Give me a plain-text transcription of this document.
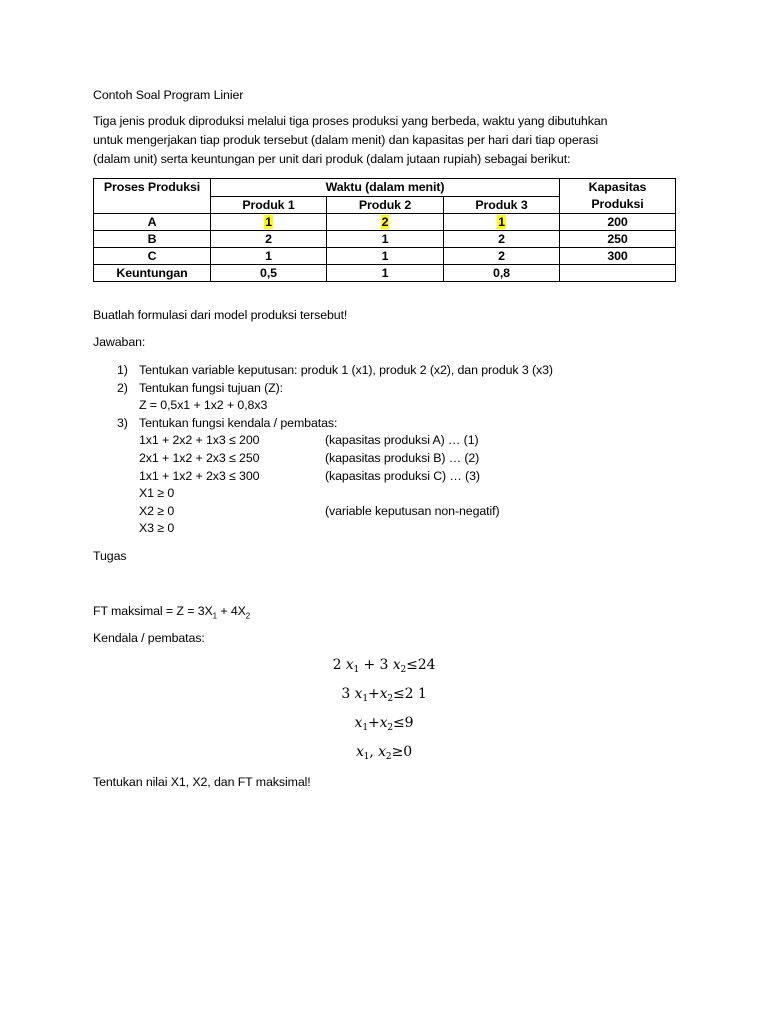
Contoh Soal Program Linier
Tiga jenis produk diproduksi melalui tiga proses produksi yang berbeda, waktu yang dibutuhkan
untuk mengerjakan tiap produk tersebut (dalam menit) dan kapasitas per hari dari tiap operasi
(dalam unit) serta keuntungan per unit dari produk (dalam jutaan rupiah) sebagai berikut:
Proses Produksi	Waktu (dalam menit)			Kapasitas
Produksi

	Produk 1	Produk 2	Produk 3	
A	1	2	1	200
B	2	1	2	250
C	1	1	2	300
Keuntungan	0,5	1	0,8	
Buatlah formulasi dari model produksi tersebut!
Jawaban:
1) Tentukan variable keputusan: produk 1 (x1), produk 2 (x2), dan produk 3 (x3)
2) Tentukan fungsi tujuan (Z):
Z = 0,5x1 + 1x2 + 0,8x3
3) Tentukan fungsi kendala / pembatas:
1x1 + 2x2 + 1x3 ≤ 200	(kapasitas produksi A) … (1)
2x1 + 1x2 + 2x3 ≤ 250	(kapasitas produksi B) … (2)
1x1 + 1x2 + 2x3 ≤ 300	(kapasitas produksi C) … (3)
X1 ≥ 0
X2 ≥ 0	(variable keputusan non-negatif)
X3 ≥ 0
Tugas
FT maksimal = $Z = 3X_1 + 4X_2$
Kendala / pembatas:
2 $x_1 + 3$ $x_2\le 24$
3 $x_1+x_2\le 2$ 1
$x_1+x_2\le 9$
$x_1$, $x_2\ge 0$
Tentukan nilai X1, X2, dan FT maksimal!
